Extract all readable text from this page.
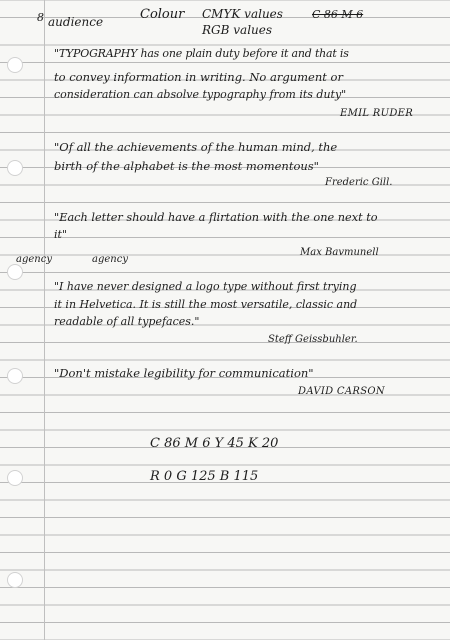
8 audience	Colour CMYK values

RGB values

C 86 M 6

"TYPOGRAPHY has one plain duty before it and that is

to convey information in writing. No argument or

consideration can absolve typography from its duty"

EMIL RUDER

"Of all the achievements of the human mind, the

birth of the alphabet is the most momentous"

Frederic Gill.

"Each letter should have a flirtation with the one next to

it"

Max Bavmunell

agency	agency

"I have never designed a logo type without first trying

it in Helvetica. It is still the most versatile, classic and

readable of all typefaces."

Steff Geissbuhler.

"Don't mistake legibility for communication"

DAVID CARSON

C 86 M 6 Y 45 K 20

R 0 G 125 B 115
